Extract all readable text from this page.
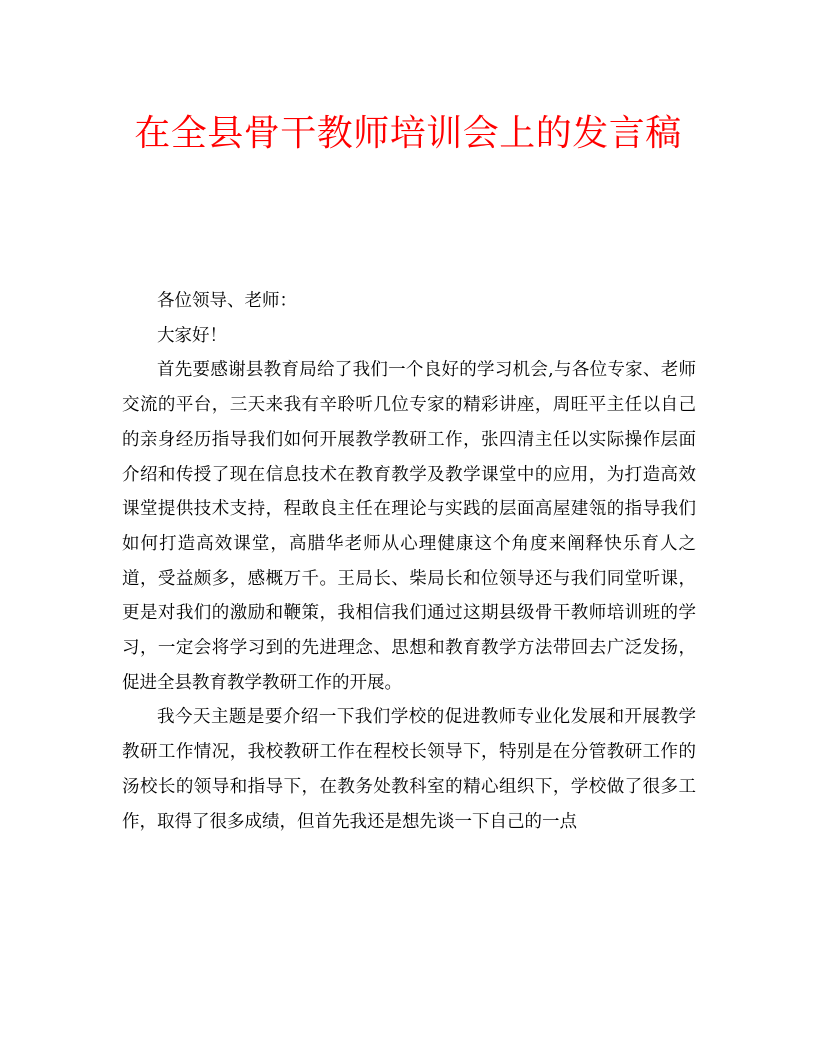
在全县骨干教师培训会上的发言稿

各位领导、老师：

大家好！

首先要感谢县教育局给了我们一个良好的学习机会,与各位专家、老师交流的平台，三天来我有辛聆听几位专家的精彩讲座，周旺平主任以自己的亲身经历指导我们如何开展教学教研工作，张四清主任以实际操作层面介绍和传授了现在信息技术在教育教学及教学课堂中的应用，为打造高效课堂提供技术支持，程敢良主任在理论与实践的层面高屋建瓴的指导我们如何打造高效课堂，高腊华老师从心理健康这个角度来阐释快乐育人之道，受益颇多，感概万千。王局长、柴局长和位领导还与我们同堂听课，更是对我们的激励和鞭策，我相信我们通过这期县级骨干教师培训班的学习，一定会将学习到的先进理念、思想和教育教学方法带回去广泛发扬，促进全县教育教学教研工作的开展。

我今天主题是要介绍一下我们学校的促进教师专业化发展和开展教学教研工作情况，我校教研工作在程校长领导下，特别是在分管教研工作的汤校长的领导和指导下，在教务处教科室的精心组织下，学校做了很多工作，取得了很多成绩，但首先我还是想先谈一下自己的一点
